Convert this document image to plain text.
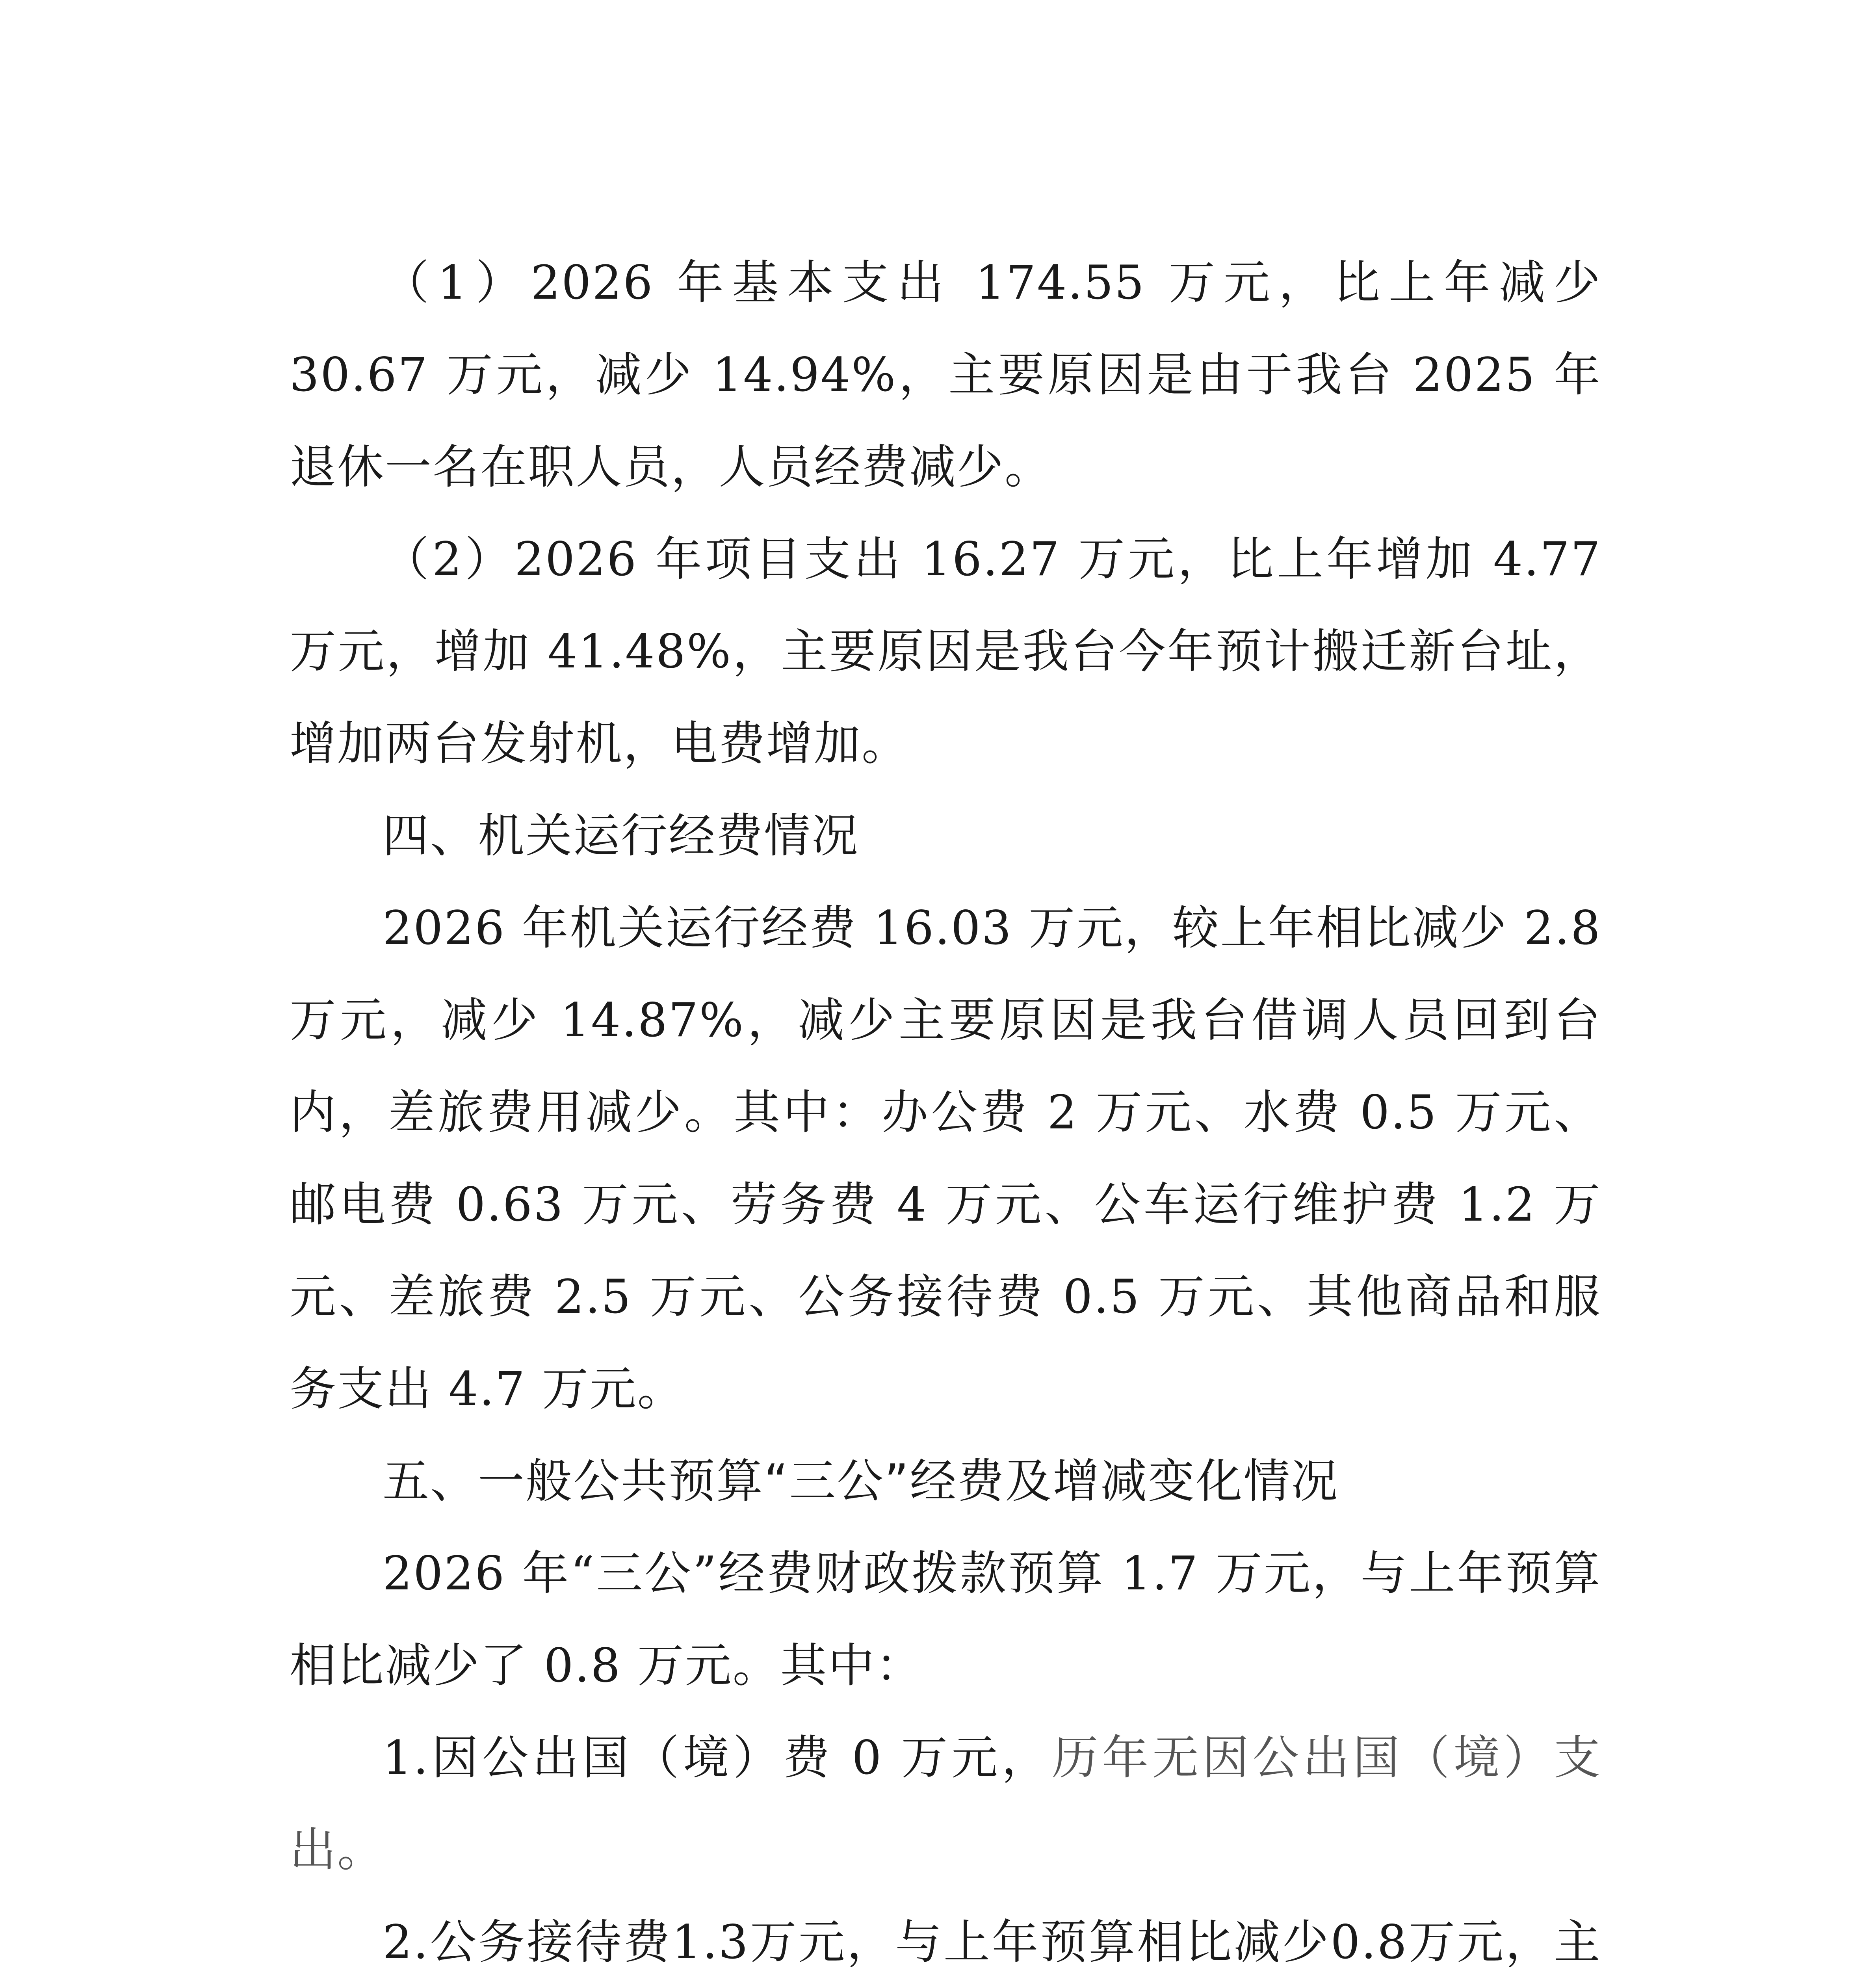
（1）2026 年基本支出 174.55 万元，比上年减少 30.67 万元，减少 14.94%，主要原因是由于我台 2025 年退休一名在职人员，人员经费减少。

（2）2026 年项目支出 16.27 万元，比上年增加 4.77 万元，增加 41.48%，主要原因是我台今年预计搬迁新台址，增加两台发射机，电费增加。

四、机关运行经费情况

2026 年机关运行经费 16.03 万元，较上年相比减少 2.8 万元，减少 14.87%，减少主要原因是我台借调人员回到台内，差旅费用减少。其中：办公费 2 万元、水费 0.5 万元、邮电费 0.63 万元、劳务费 4 万元、公车运行维护费 1.2 万元、差旅费 2.5 万元、公务接待费 0.5 万元、其他商品和服务支出 4.7 万元。

五、一般公共预算“三公”经费及增减变化情况

2026 年“三公”经费财政拨款预算 1.7 万元，与上年预算相比减少了 0.8 万元。其中：

1.因公出国（境）费 0 万元，历年无因公出国（境）支出。

2.公务接待费1.3万元，与上年预算相比减少0.8万元，主
